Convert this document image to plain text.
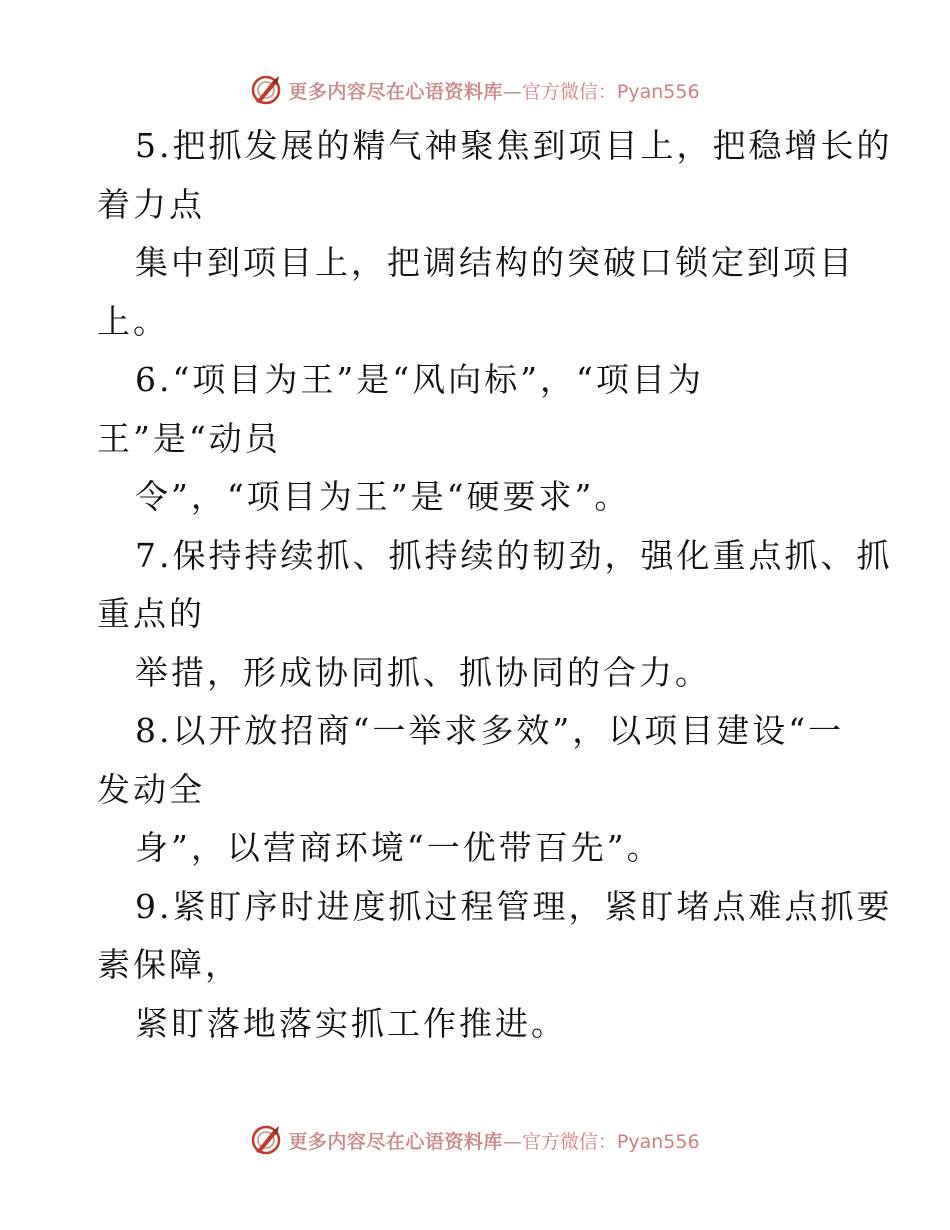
更多内容尽在心语资料库 —官方微信：Pyan556
5.把抓发展的精气神聚焦到项目上，把稳增长的
着力点
集中到项目上，把调结构的突破口锁定到项目
上。
6.“项目为王”是“风向标”，“项目为
王”是“动员
令”，“项目为王”是“硬要求”。
7.保持持续抓、抓持续的韧劲，强化重点抓、抓
重点的
举措，形成协同抓、抓协同的合力。
8.以开放招商“一举求多效”，以项目建设“一
发动全
身”，以营商环境“一优带百先”。
9.紧盯序时进度抓过程管理，紧盯堵点难点抓要
素保障，
紧盯落地落实抓工作推进。
更多内容尽在心语资料库 —官方微信：Pyan556
